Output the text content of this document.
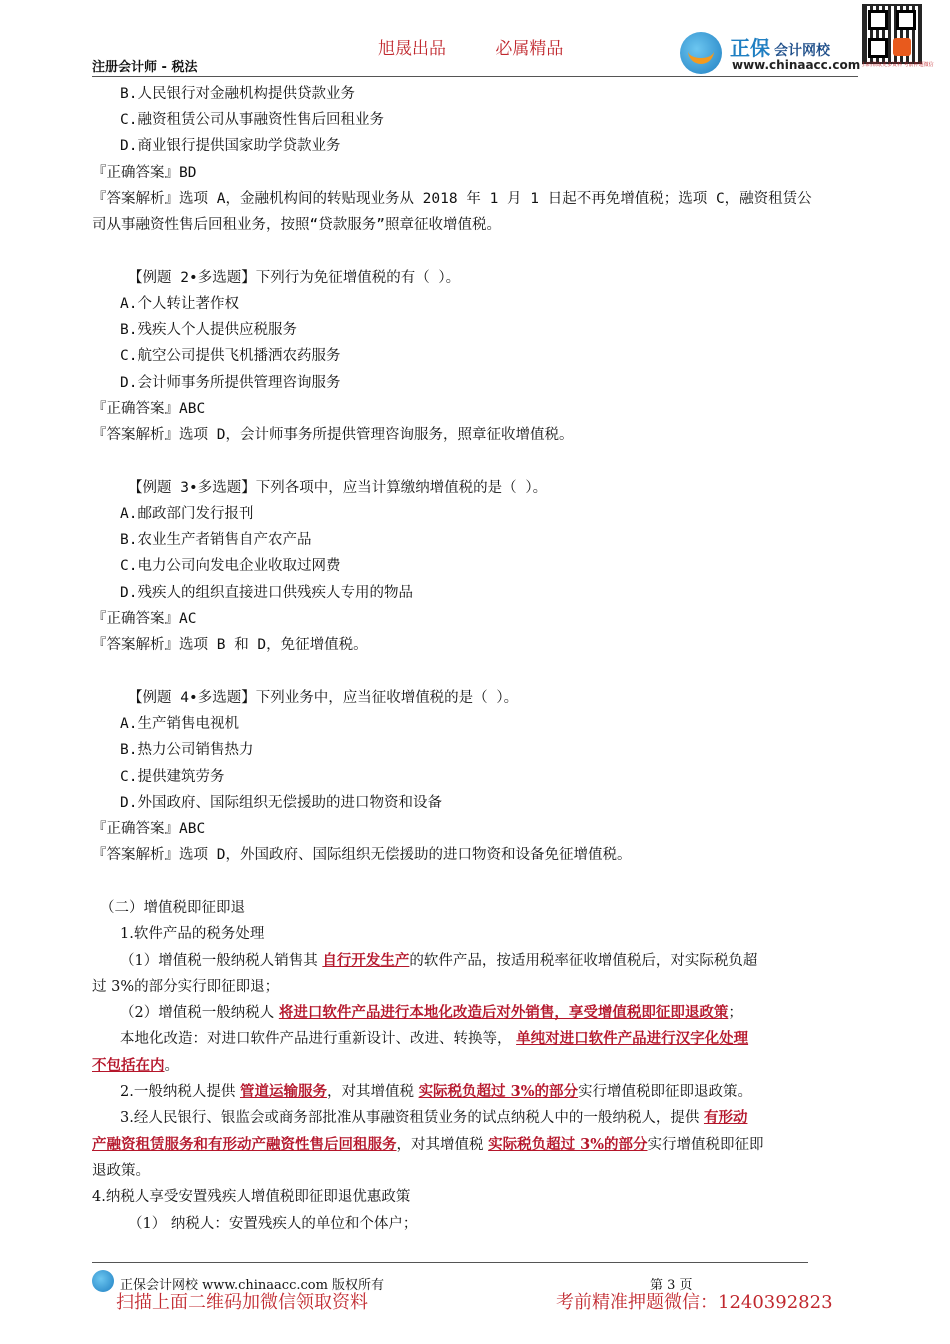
旭晟出品	必属精品
注册会计师 - 税法
正保 会计网校
www.chinaacc.com 扫码领取更多资料 考前押题微信
B.人民银行对金融机构提供贷款业务
C.融资租赁公司从事融资性售后回租业务
D.商业银行提供国家助学贷款业务
『正确答案』BD
『答案解析』选项 A，金融机构间的转贴现业务从 2018 年 1 月 1 日起不再免增值税；选项 C，融资租赁公
司从事融资性售后回租业务，按照“贷款服务”照章征收增值税。
【例题 2•多选题】下列行为免征增值税的有（ ）。
A.个人转让著作权
B.残疾人个人提供应税服务
C.航空公司提供飞机播洒农药服务
D.会计师事务所提供管理咨询服务
『正确答案』ABC
『答案解析』选项 D，会计师事务所提供管理咨询服务，照章征收增值税。
【例题 3•多选题】下列各项中，应当计算缴纳增值税的是（ ）。
A.邮政部门发行报刊
B.农业生产者销售自产农产品
C.电力公司向发电企业收取过网费
D.残疾人的组织直接进口供残疾人专用的物品
『正确答案』AC
『答案解析』选项 B 和 D，免征增值税。
【例题 4•多选题】下列业务中，应当征收增值税的是（ ）。
A.生产销售电视机
B.热力公司销售热力
C.提供建筑劳务
D.外国政府、国际组织无偿援助的进口物资和设备
『正确答案』ABC
『答案解析』选项 D，外国政府、国际组织无偿援助的进口物资和设备免征增值税。
（二）增值税即征即退
1.软件产品的税务处理
（1）增值税一般纳税人销售其 自行开发生产的软件产品，按适用税率征收增值税后，对实际税负超
过 3%的部分实行即征即退；
（2）增值税一般纳税人 将进口软件产品进行本地化改造后对外销售，享受增值税即征即退政策；
本地化改造：对进口软件产品进行重新设计、改进、转换等， 单纯对进口软件产品进行汉字化处理
不包括在内。
2.一般纳税人提供 管道运输服务，对其增值税 实际税负超过 3%的部分实行增值税即征即退政策。
3.经人民银行、银监会或商务部批准从事融资租赁业务的试点纳税人中的一般纳税人，提供 有形动
产融资租赁服务和有形动产融资性售后回租服务，对其增值税 实际税负超过 3%的部分实行增值税即征即
退政策。
4.纳税人享受安置残疾人增值税即征即退优惠政策
（1） 纳税人：安置残疾人的单位和个体户；
正保会计网校 www.chinaacc.com 版权所有	第 3 页
扫描上面二维码加微信领取资料	考前精准押题微信：1240392823
